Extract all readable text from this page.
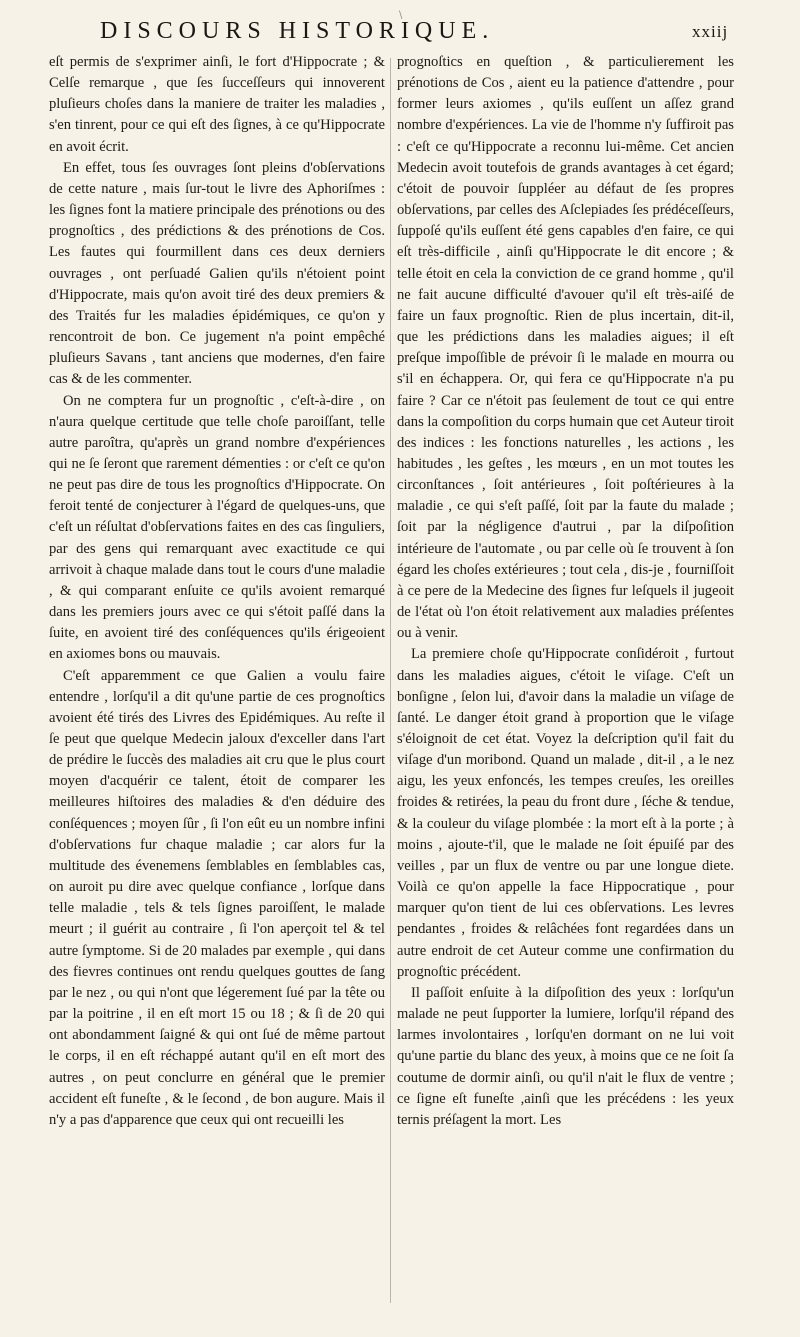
\
DISCOURS HISTORIQUE.	xxiij

eſt permis de s'exprimer ainſi, le fort d'Hippocrate ; & Celſe remarque , que ſes ſucceſſeurs qui innoverent pluſieurs choſes dans la maniere de traiter les maladies , s'en tinrent, pour ce qui eſt des ſignes, à ce qu'Hippocrate en avoit écrit.

En effet, tous ſes ouvrages ſont pleins d'obſervations de cette nature , mais ſur-tout le livre des Aphoriſmes : les ſignes font la matiere principale des prénotions ou des prognoſtics , des prédictions & des prénotions de Cos. Les fautes qui fourmillent dans ces deux derniers ouvrages , ont perſuadé Galien qu'ils n'étoient point d'Hippocrate, mais qu'on avoit tiré des deux premiers & des Traités fur les maladies épidémiques, ce qu'on y rencontroit de bon. Ce jugement n'a point empêché pluſieurs Savans , tant anciens que modernes, d'en faire cas & de les commenter.

On ne comptera fur un prognoſtic , c'eſt-à-dire , on n'aura quelque certitude que telle choſe paroiſſant, telle autre paroîtra, qu'après un grand nombre d'expériences qui ne ſe ſeront que rarement démenties : or c'eſt ce qu'on ne peut pas dire de tous les prognoſtics d'Hippocrate. On feroit tenté de conjecturer à l'égard de quelques-uns, que c'eſt un réſultat d'obſervations faites en des cas ſinguliers, par des gens qui remarquant avec exactitude ce qui arrivoit à chaque malade dans tout le cours d'une maladie , & qui comparant enſuite ce qu'ils avoient remarqué dans les premiers jours avec ce qui s'étoit paſſé dans la ſuite, en avoient tiré des conſéquences qu'ils érigeoient en axiomes bons ou mauvais.

C'eſt apparemment ce que Galien a voulu faire entendre , lorſqu'il a dit qu'une partie de ces prognoſtics avoient été tirés des Livres des Epidémiques. Au reſte il ſe peut que quelque Medecin jaloux d'exceller dans l'art de prédire le ſuccès des maladies ait cru que le plus court moyen d'acquérir ce talent, étoit de comparer les meilleures hiſtoires des maladies & d'en déduire des conſéquences ; moyen ſûr , ſi l'on eût eu un nombre infini d'obſervations fur chaque maladie ; car alors fur la multitude des évenemens ſemblables en ſemblables cas, on auroit pu dire avec quelque confiance , lorſque dans telle maladie , tels & tels ſignes paroiſſent, le malade meurt ; il guérit au contraire , ſi l'on aperçoit tel & tel autre ſymptome. Si de 20 malades par exemple , qui dans des fievres continues ont rendu quelques gouttes de ſang par le nez , ou qui n'ont que légerement ſué par la tête ou par la poitrine , il en eſt mort 15 ou 18 ; & ſi de 20 qui ont abondamment ſaigné & qui ont ſué de même partout le corps, il en eſt réchappé autant qu'il en eſt mort des autres , on peut conclurre en général que le premier accident eſt funeſte , & le ſecond , de bon augure. Mais il n'y a pas d'apparence que ceux qui ont recueilli les

prognoſtics en queſtion , & particulierement les prénotions de Cos , aient eu la patience d'attendre , pour former leurs axiomes , qu'ils euſſent un aſſez grand nombre d'expériences. La vie de l'homme n'y ſuffiroit pas : c'eſt ce qu'Hippocrate a reconnu lui-même. Cet ancien Medecin avoit toutefois de grands avantages à cet égard; c'étoit de pouvoir ſuppléer au défaut de ſes propres obſervations, par celles des Aſclepiades ſes prédéceſſeurs, ſuppoſé qu'ils euſſent été gens capables d'en faire, ce qui eſt très-difficile , ainſi qu'Hippocrate le dit encore ; & telle étoit en cela la conviction de ce grand homme , qu'il ne fait aucune difficulté d'avouer qu'il eſt très-aiſé de faire un faux prognoſtic. Rien de plus incertain, dit-il, que les prédictions dans les maladies aigues; il eſt preſque impoſſible de prévoir ſi le malade en mourra ou s'il en échappera. Or, qui fera ce qu'Hippocrate n'a pu faire ? Car ce n'étoit pas ſeulement de tout ce qui entre dans la compoſition du corps humain que cet Auteur tiroit des indices : les fonctions naturelles , les actions , les habitudes , les geſtes , les mœurs , en un mot toutes les circonſtances , ſoit antérieures , ſoit poſtérieures à la maladie , ce qui s'eſt paſſé, ſoit par la faute du malade ; ſoit par la négligence d'autrui , par la diſpoſition intérieure de l'automate , ou par celle où ſe trouvent à ſon égard les choſes extérieures ; tout cela , dis-je , fourniſſoit à ce pere de la Medecine des ſignes fur leſquels il jugeoit de l'état où l'on étoit relativement aux maladies préſentes ou à venir.

La premiere choſe qu'Hippocrate conſidéroit , furtout dans les maladies aigues, c'étoit le viſage. C'eſt un bonſigne , ſelon lui, d'avoir dans la maladie un viſage de ſanté. Le danger étoit grand à proportion que le viſage s'éloignoit de cet état. Voyez la deſcription qu'il fait du viſage d'un moribond. Quand un malade , dit-il , a le nez aigu, les yeux enfoncés, les tempes creuſes, les oreilles froides & retirées, la peau du front dure , ſéche & tendue, & la couleur du viſage plombée : la mort eſt à la porte ; à moins , ajoute-t'il, que le malade ne ſoit épuiſé par des veilles , par un flux de ventre ou par une longue diete. Voilà ce qu'on appelle la face Hippocratique , pour marquer qu'on tient de lui ces obſervations. Les levres pendantes , froides & relâchées font regardées dans un autre endroit de cet Auteur comme une confirmation du prognoſtic précédent.

Il paſſoit enſuite à la diſpoſition des yeux : lorſqu'un malade ne peut ſupporter la lumiere, lorſqu'il répand des larmes involontaires , lorſqu'en dormant on ne lui voit qu'une partie du blanc des yeux, à moins que ce ne ſoit ſa coutume de dormir ainſi, ou qu'il n'ait le flux de ventre ; ce ſigne eſt funeſte ,ainſi que les précédens : les yeux ternis préſagent la mort. Les
